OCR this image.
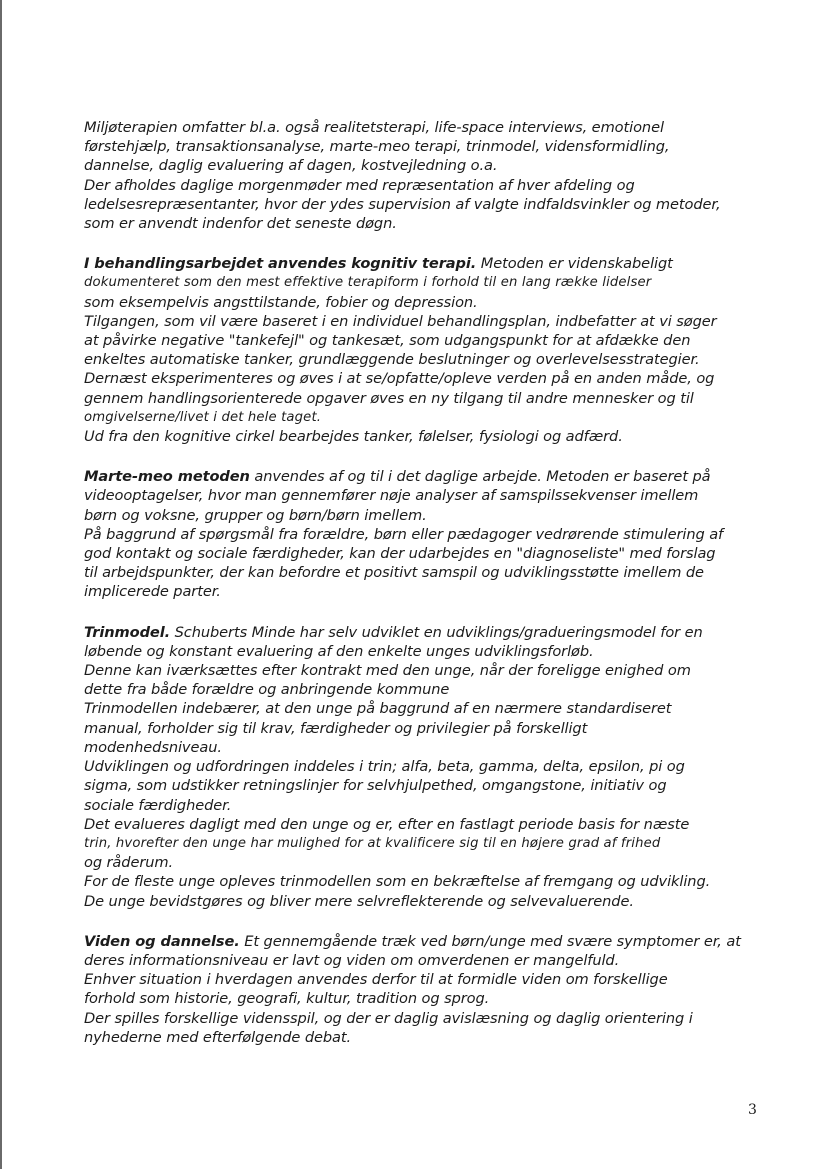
Miljøterapien omfatter bl.a. også realitetsterapi, life-space interviews, emotionel
førstehjælp, transaktionsanalyse, marte-meo terapi, trinmodel, vidensformidling,
dannelse, daglig evaluering af dagen, kostvejledning o.a.
Der afholdes daglige morgenmøder med repræsentation af hver afdeling og
ledelsesrepræsentanter, hvor der ydes supervision af valgte indfaldsvinkler og metoder,
som er anvendt indenfor det seneste døgn.

I behandlingsarbejdet anvendes kognitiv terapi. Metoden er videnskabeligt
dokumenteret som den mest effektive terapiform i forhold til en lang række lidelser
som eksempelvis angsttilstande, fobier og depression.
Tilgangen, som vil være baseret i en individuel behandlingsplan, indbefatter at vi søger
at påvirke negative "tankefejl" og tankesæt, som udgangspunkt for at afdække den
enkeltes automatiske tanker, grundlæggende beslutninger og overlevelsesstrategier.
Dernæst eksperimenteres og øves i at se/opfatte/opleve verden på en anden måde, og
gennem handlingsorienterede opgaver øves en ny tilgang til andre mennesker og til
omgivelserne/livet i det hele taget.
Ud fra den kognitive cirkel bearbejdes tanker, følelser, fysiologi og adfærd.

Marte-meo metoden anvendes af og til i det daglige arbejde. Metoden er baseret på
videooptagelser, hvor man gennemfører nøje analyser af samspilssekvenser imellem
børn og voksne, grupper og børn/børn imellem.
På baggrund af spørgsmål fra forældre, børn eller pædagoger vedrørende stimulering af
god kontakt og sociale færdigheder, kan der udarbejdes en "diagnoseliste" med forslag
til arbejdspunkter, der kan befordre et positivt samspil og udviklingsstøtte imellem de
implicerede parter.

Trinmodel. Schuberts Minde har selv udviklet en udviklings/gradueringsmodel for en
løbende og konstant evaluering af den enkelte unges udviklingsforløb.
Denne kan iværksættes efter kontrakt med den unge, når der foreligge enighed om
dette fra både forældre og anbringende kommune
Trinmodellen indebærer, at den unge på baggrund af en nærmere standardiseret
manual, forholder sig til krav, færdigheder og privilegier på forskelligt
modenhedsniveau.
Udviklingen og udfordringen inddeles i trin; alfa, beta, gamma, delta, epsilon, pi og
sigma, som udstikker retningslinjer for selvhjulpethed, omgangstone, initiativ og
sociale færdigheder.
Det evalueres dagligt med den unge og er, efter en fastlagt periode basis for næste
trin, hvorefter den unge har mulighed for at kvalificere sig til en højere grad af frihed
og råderum.
For de fleste unge opleves trinmodellen som en bekræftelse af fremgang og udvikling.
De unge bevidstgøres og bliver mere selvreflekterende og selvevaluerende.

Viden og dannelse. Et gennemgående træk ved børn/unge med svære symptomer er, at
deres informationsniveau er lavt og viden om omverdenen er mangelfuld.
Enhver situation i hverdagen anvendes derfor til at formidle viden om forskellige
forhold som historie, geografi, kultur, tradition og sprog.
Der spilles forskellige vidensspil, og der er daglig avislæsning og daglig orientering i
nyhederne med efterfølgende debat.

3
